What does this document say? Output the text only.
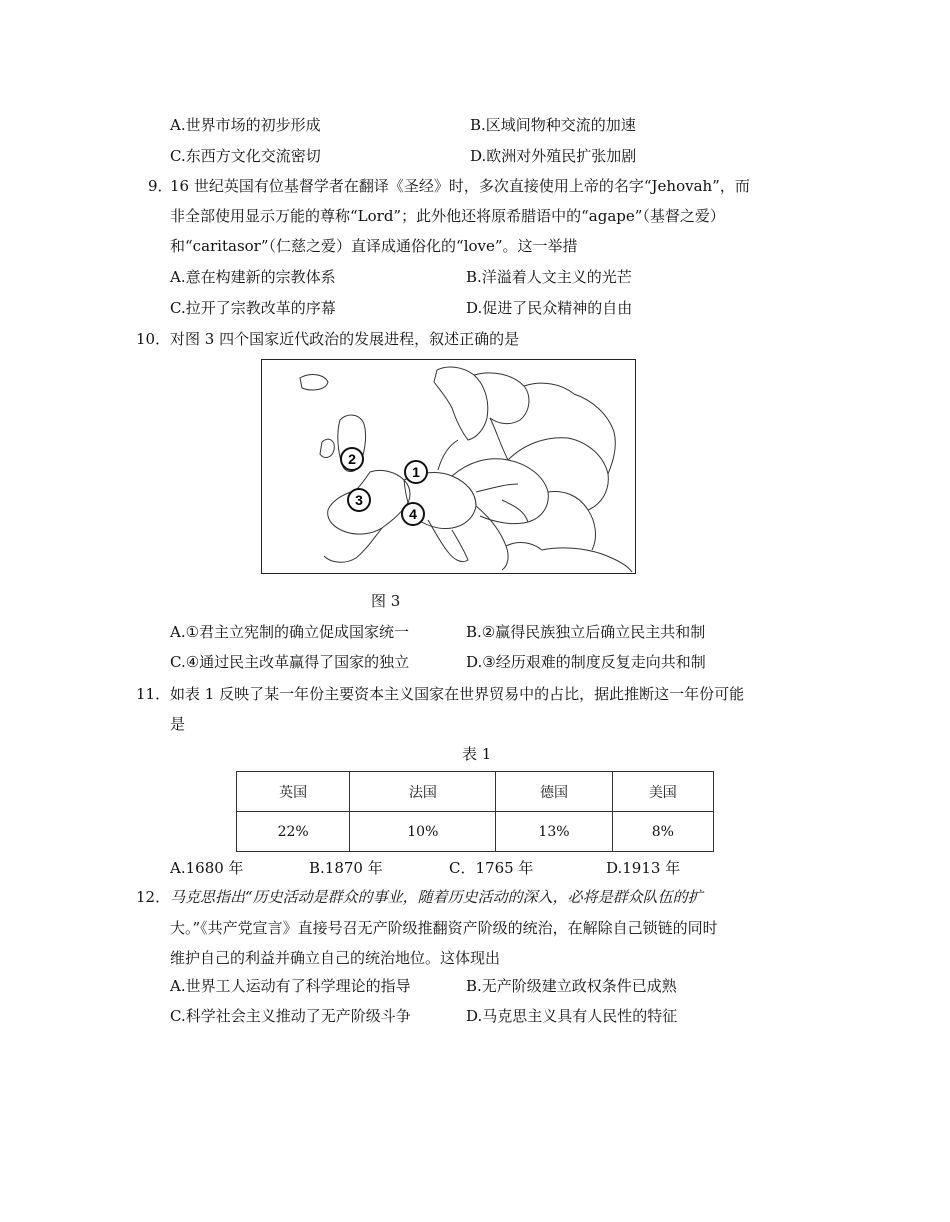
A.世界市场的初步形成	B.区域间物种交流的加速
C.东西方文化交流密切	D.欧洲对外殖民扩张加剧
9．
16 世纪英国有位基督学者在翻译《圣经》时，多次直接使用上帝的名字“Jehovah”，而
非全部使用显示万能的尊称“Lord”；此外他还将原希腊语中的“agape”（基督之爱）
和“caritasor”（仁慈之爱）直译成通俗化的“love”。这一举措
A.意在构建新的宗教体系	B.洋溢着人文主义的光芒
C.拉开了宗教改革的序幕	D.促进了民众精神的自由
10． 对图 3 四个国家近代政治的发展进程，叙述正确的是
2
1
3
4
图 3
A.①君主立宪制的确立促成国家统一	B.②赢得民族独立后确立民主共和制
C.④通过民主改革赢得了国家的独立	D.③经历艰难的制度反复走向共和制
11． 如表 1 反映了某一年份主要资本主义国家在世界贸易中的占比，据此推断这一年份可能
是
表 1
英国	法国	德国	美国
22%	10%	13%	8%
A.1680 年	B.1870 年	C．1765 年	D.1913 年
12． 马克思指出“历史活动是群众的事业，随着历史活动的深入，必将是群众队伍的扩
大。”《共产党宣言》直接号召无产阶级推翻资产阶级的统治，在解除自己锁链的同时
维护自己的利益并确立自己的统治地位。这体现出
A.世界工人运动有了科学理论的指导	B.无产阶级建立政权条件已成熟
C.科学社会主义推动了无产阶级斗争	D.马克思主义具有人民性的特征
